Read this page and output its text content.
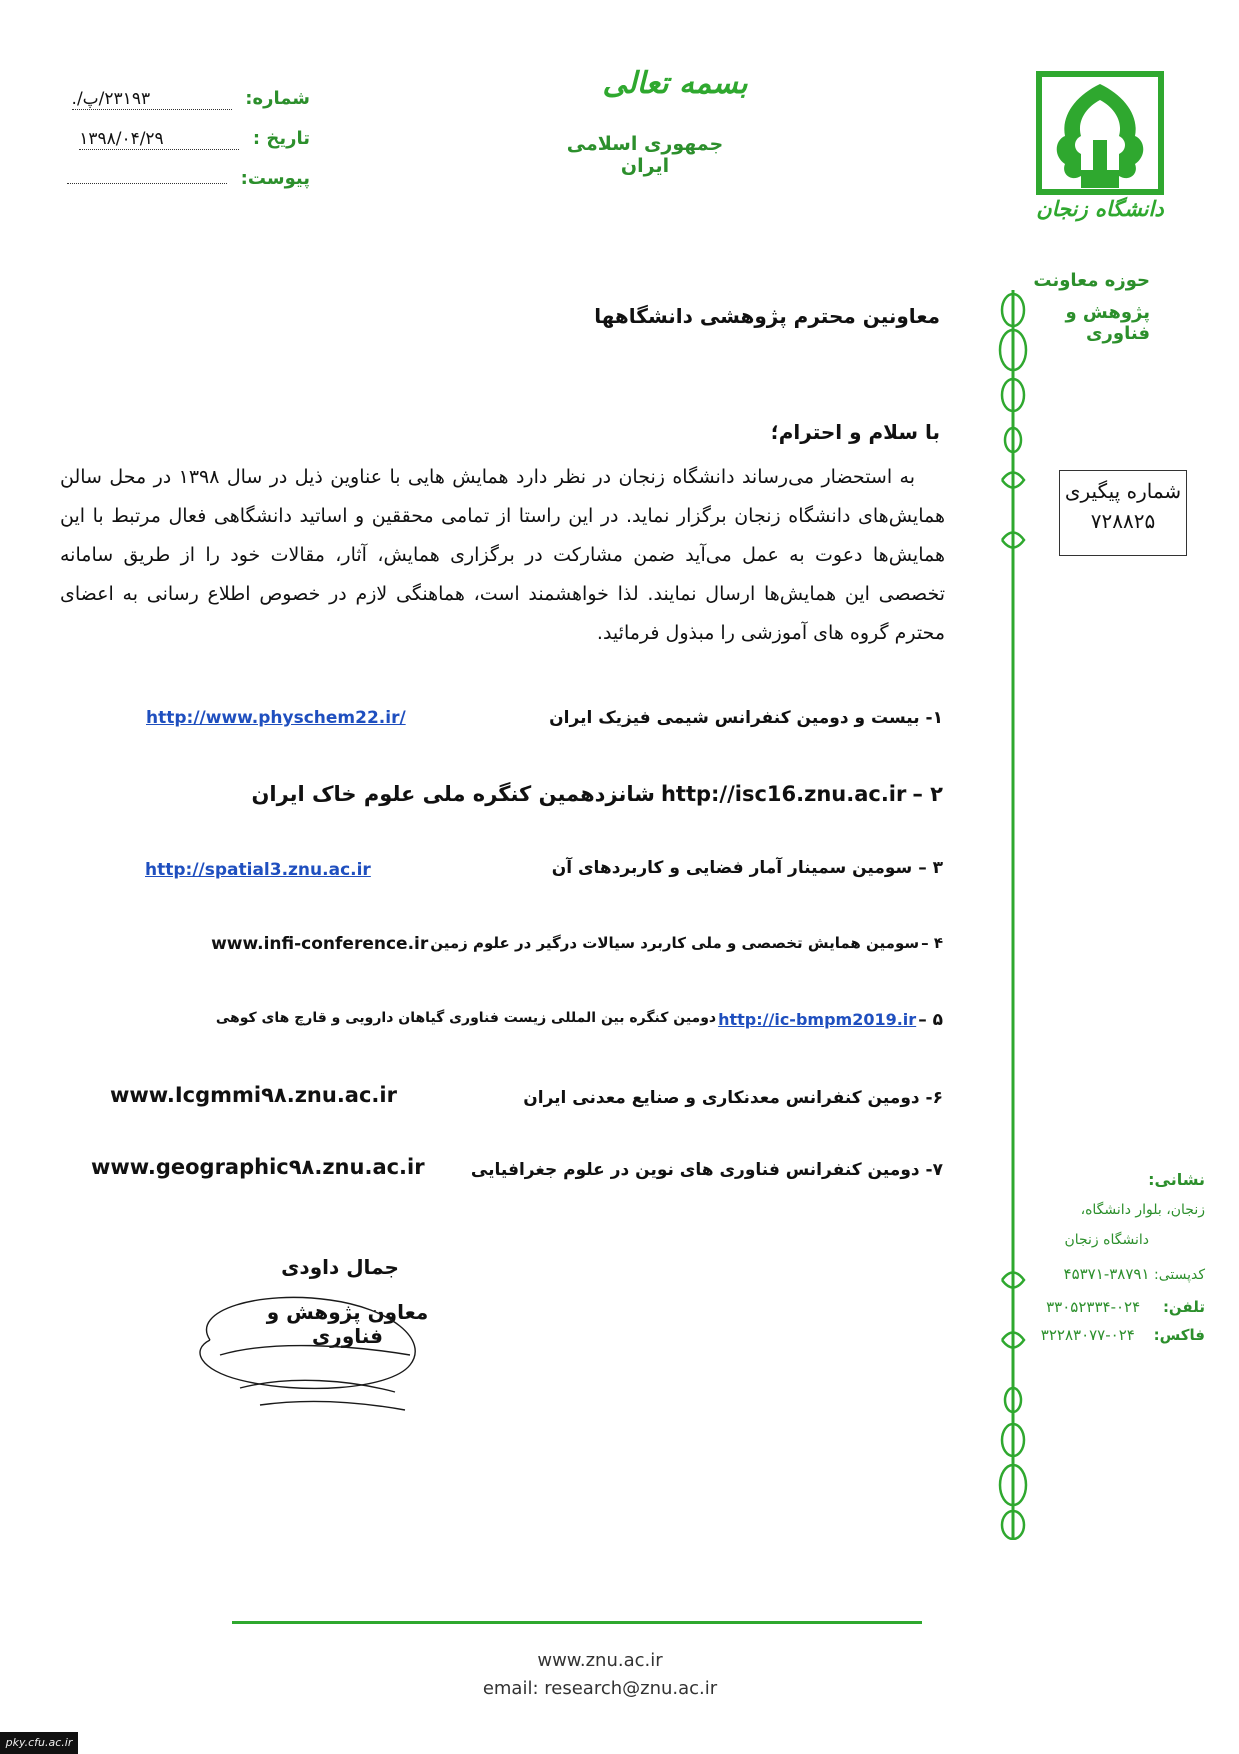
بسمه تعالی
جمهوری اسلامی ایران
شماره: ۲۳۱۹۳/پ/.
تاریخ : ۱۳۹۸/۰۴/۲۹
پیوست:
دانشگاه زنجان
حوزه معاونت
پژوهش و فناوری
شماره پیگیری
۷۲۸۸۲۵
معاونین محترم پژوهشی دانشگاهها
با سلام و احترام؛
به استحضار می‌رساند دانشگاه زنجان در نظر دارد همایش هایی با عناوین ذیل در سال ۱۳۹۸ در محل سالن همایش‌های دانشگاه زنجان برگزار نماید. در این راستا از تمامی محققین و اساتید دانشگاهی فعال مرتبط با این همایش‌ها دعوت به عمل می‌آید ضمن مشارکت در برگزاری همایش، آثار، مقالات خود را از طریق سامانه تخصصی این همایش‌ها ارسال نمایند. لذا خواهشمند است، هماهنگی لازم در خصوص اطلاع رسانی به اعضای محترم گروه های آموزشی را مبذول فرمائید.
۱- بیست و دومین کنفرانس شیمی فیزیک ایران
http://www.physchem22.ir/
۲ –
http://isc16.znu.ac.ir
شانزدهمین کنگره ملی علوم خاک ایران
۳ – سومین سمینار آمار فضایی و کاربردهای آن
http://spatial3.znu.ac.ir
۴ –
سومین همایش تخصصی و ملی کاربرد سیالات درگیر در علوم زمین
www.infi-conference.ir
۵ –
http://ic-bmpm2019.ir
دومین کنگره بین المللی زیست فناوری گیاهان دارویی و قارچ های کوهی
۶- دومین کنفرانس معدنکاری و صنایع معدنی ایران
www.Icgmmi۹۸.znu.ac.ir
۷- دومین کنفرانس فناوری های نوین در علوم جغرافیایی
www.geographic۹۸.znu.ac.ir
جمال داودی
معاون پژوهش و فناوری
نشانی:
زنجان، بلوار دانشگاه،
دانشگاه زنجان
کدپستی: ۳۸۷۹۱-۴۵۳۷۱
تلفن: ۰۲۴-۳۳۰۵۲۳۳۴
فاکس: ۰۲۴-۳۲۲۸۳۰۷۷
www.znu.ac.ir
email: research@znu.ac.ir
pky.cfu.ac.ir
